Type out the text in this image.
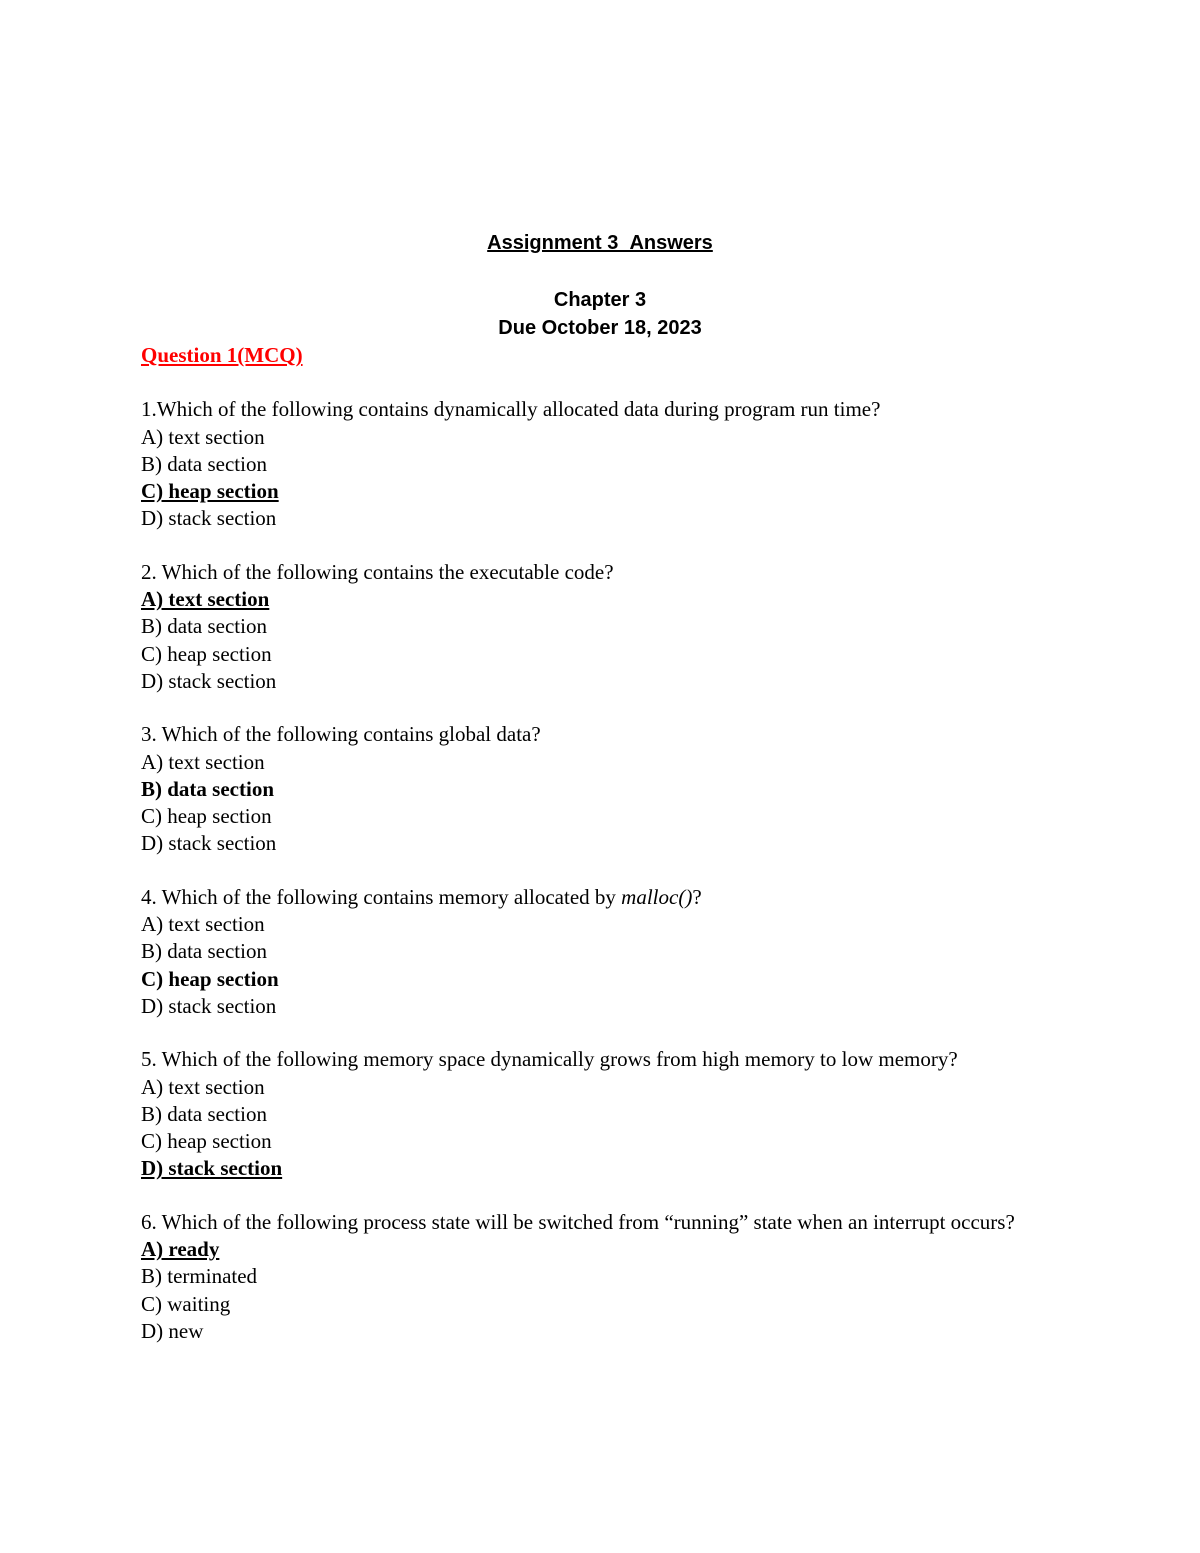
Assignment 3_Answers
Chapter 3
Due October 18, 2023
Question 1(MCQ)

1.Which of the following contains dynamically allocated data during program run time?

A) text section

B) data section

C) heap section

D) stack section

2. Which of the following contains the executable code?

A) text section

B) data section

C) heap section

D) stack section

3. Which of the following contains global data?

A) text section

B) data section

C) heap section

D) stack section

4. Which of the following contains memory allocated by malloc()?

A) text section

B) data section

C) heap section

D) stack section

5. Which of the following memory space dynamically grows from high memory to low memory?

A) text section

B) data section

C) heap section

D) stack section

6. Which of the following process state will be switched from “running” state when an interrupt occurs?

A) ready

B) terminated

C) waiting

D) new
